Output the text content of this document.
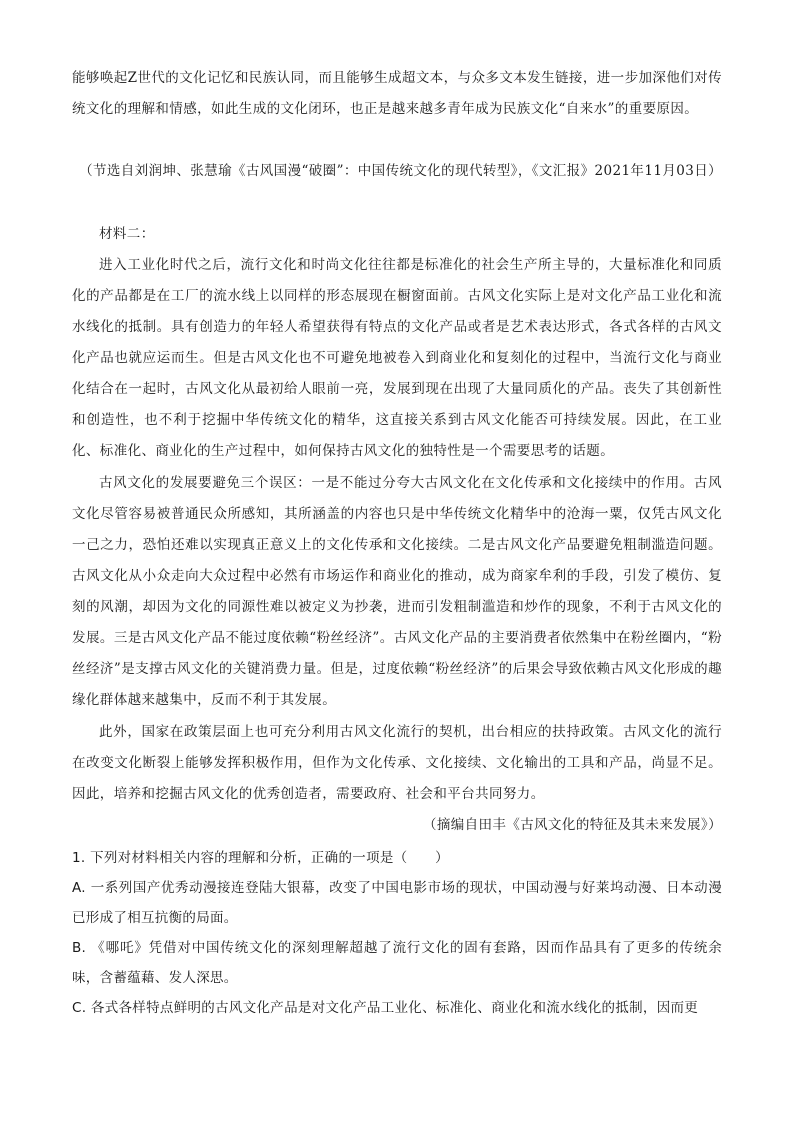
能够唤起Z世代的文化记忆和民族认同，而且能够生成超文本，与众多文本发生链接，进一步加深他们对传统文化的理解和情感，如此生成的文化闭环，也正是越来越多青年成为民族文化“自来水”的重要原因。
（节选自刘润坤、张慧瑜《古风国漫“破圈”：中国传统文化的现代转型》，《文汇报》2021年11月03日）
材料二：
进入工业化时代之后，流行文化和时尚文化往往都是标准化的社会生产所主导的，大量标准化和同质化的产品都是在工厂的流水线上以同样的形态展现在橱窗面前。古风文化实际上是对文化产品工业化和流水线化的抵制。具有创造力的年轻人希望获得有特点的文化产品或者是艺术表达形式，各式各样的古风文化产品也就应运而生。但是古风文化也不可避免地被卷入到商业化和复刻化的过程中，当流行文化与商业化结合在一起时，古风文化从最初给人眼前一亮，发展到现在出现了大量同质化的产品。丧失了其创新性和创造性，也不利于挖掘中华传统文化的精华，这直接关系到古风文化能否可持续发展。因此，在工业化、标准化、商业化的生产过程中，如何保持古风文化的独特性是一个需要思考的话题。
古风文化的发展要避免三个误区：一是不能过分夸大古风文化在文化传承和文化接续中的作用。古风文化尽管容易被普通民众所感知，其所涵盖的内容也只是中华传统文化精华中的沧海一粟，仅凭古风文化一己之力，恐怕还难以实现真正意义上的文化传承和文化接续。二是古风文化产品要避免粗制滥造问题。古风文化从小众走向大众过程中必然有市场运作和商业化的推动，成为商家牟利的手段，引发了模仿、复刻的风潮，却因为文化的同源性难以被定义为抄袭，进而引发粗制滥造和炒作的现象，不利于古风文化的发展。三是古风文化产品不能过度依赖“粉丝经济”。古风文化产品的主要消费者依然集中在粉丝圈内，“粉丝经济”是支撑古风文化的关键消费力量。但是，过度依赖“粉丝经济”的后果会导致依赖古风文化形成的趣缘化群体越来越集中，反而不利于其发展。
此外，国家在政策层面上也可充分利用古风文化流行的契机，出台相应的扶持政策。古风文化的流行在改变文化断裂上能够发挥积极作用，但作为文化传承、文化接续、文化输出的工具和产品，尚显不足。因此，培养和挖掘古风文化的优秀创造者，需要政府、社会和平台共同努力。
（摘编自田丰《古风文化的特征及其未来发展》）
1. 下列对材料相关内容的理解和分析，正确的一项是（　　）
A. 一系列国产优秀动漫接连登陆大银幕，改变了中国电影市场的现状，中国动漫与好莱坞动漫、日本动漫已形成了相互抗衡的局面。
B. 《哪吒》凭借对中国传统文化的深刻理解超越了流行文化的固有套路，因而作品具有了更多的传统余味，含蓄蕴藉、发人深思。
C. 各式各样特点鲜明的古风文化产品是对文化产品工业化、标准化、商业化和流水线化的抵制，因而更
